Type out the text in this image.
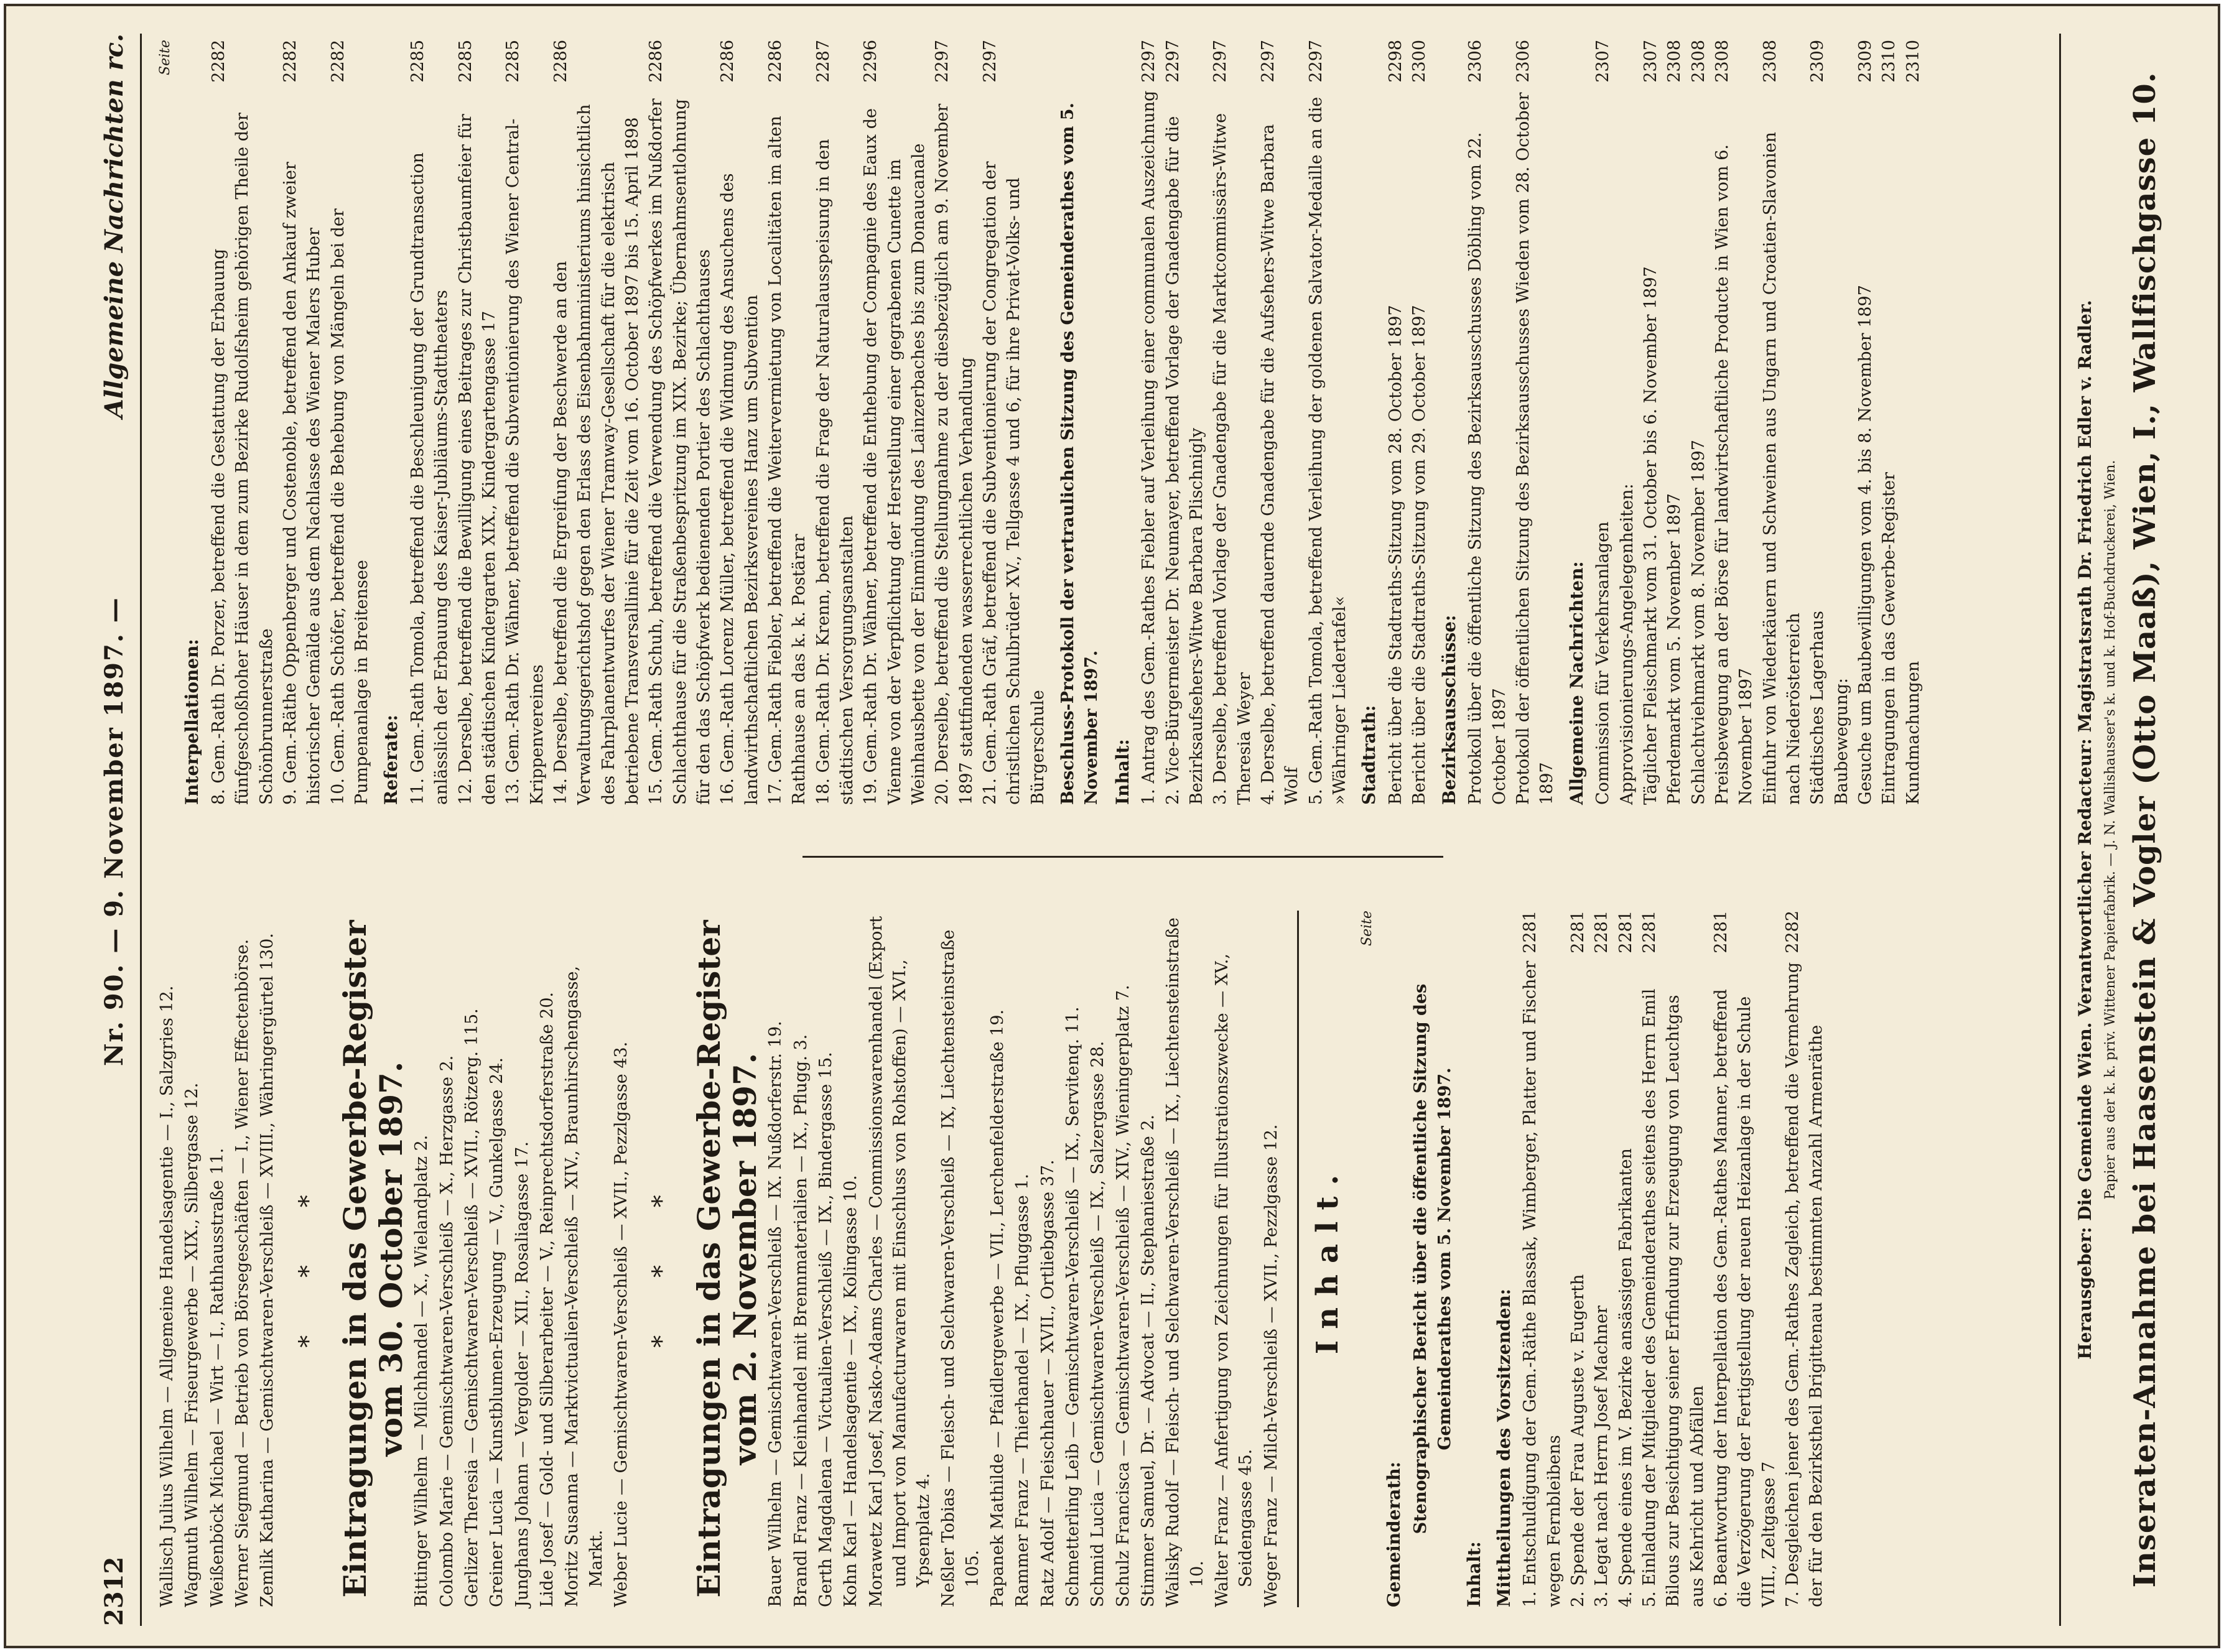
2312
Nr. 90. — 9. November 1897. —
Allgemeine Nachrichten rc.

Wallisch Julius Wilhelm — Allgemeine Handelsagentie — I., Salzgries 12. Wagmuth Wilhelm — Friseurgewerbe — XIX., Silbergasse 12. Weißenböck Michael — Wirt — I., Rathhausstraße 11. Werner Siegmund — Betrieb von Börsegeschäften — I., Wiener Effectenbörse. Zemlik Katharina — Gemischtwaren-Verschleiß — XVIII., Währingergürtel 130. * * * Eintragungen in das Gewerbe-Register vom 30. October 1897. Bittinger Wilhelm — Milchhandel — X., Wielandplatz 2. Colombo Marie — Gemischtwaren-Verschleiß — X., Herzgasse 2. Gerlizer Theresia — Gemischtwaren-Verschleiß — XVII., Rötzerg. 115. Greiner Lucia — Kunstblumen-Erzeugung — V., Gunkelgasse 24. Junghans Johann — Vergolder — XII., Rosaliagasse 17. Lide Josef — Gold- und Silberarbeiter — V., Reinprechtsdorferstraße 20. Moritz Susanna — Marktvictualien-Verschleiß — XIV., Braunhirschengasse, Markt. Weber Lucie — Gemischtwaren-Verschleiß — XVII., Pezzlgasse 43. * * * Eintragungen in das Gewerbe-Register vom 2. November 1897. Bauer Wilhelm — Gemischtwaren-Verschleiß — IX. Nußdorferstr. 19. Brandl Franz — Kleinhandel mit Brennmaterialien — IX., Pflugg. 3. Gerth Magdalena — Victualien-Verschleiß — IX., Bindergasse 15. Kohn Karl — Handelsagentie — IX., Kolingasse 10. Morawetz Karl Josef, Nasko-Adams Charles — Commissionswarenhandel (Export und Import von Manufacturwaren mit Einschluss von Rohstoffen) — XVI., Ypsenplatz 4. Neßler Tobias — Fleisch- und Selchwaren-Verschleiß — IX, Liechtensteinstraße 105. Papanek Mathilde — Pfaidlergewerbe — VII., Lerchenfelderstraße 19. Rammer Franz — Thierhandel — IX., Pfluggasse 1. Ratz Adolf — Fleischhauer — XVII., Ortliebgasse 37. Schmetterling Leib — Gemischtwaren-Verschleiß — IX., Servitenq. 11. Schmid Lucia — Gemischtwaren-Verschleiß — IX., Salzergasse 28. Schulz Francisca — Gemischtwaren-Verschleiß — XIV., Wieningerplatz 7. Stimmer Samuel, Dr. — Advocat — II., Stephaniestraße 2. Walisky Rudolf — Fleisch- und Selchwaren-Verschleiß — IX., Liechtensteinstraße 10. Walter Franz — Anfertigung von Zeichnungen für Illustrationszwecke — XV., Seidengasse 45. Weger Franz — Milch-Verschleiß — XVII., Pezzlgasse 12. Inhalt.
Seite
Gemeinderath:

Stenographischer Bericht über die öffentliche Sitzung des Gemeinderathes vom 5. November 1897.

Inhalt: Mittheilungen des Vorsitzenden: 1. Entschuldigung der Gem.-Räthe Blassak, Wimberger, Platter und Fischer wegen Fernbleibens
2281
2. Spende der Frau Auguste v. Eugerth
2281
3. Legat nach Herrn Josef Machner
2281
4. Spende eines im V. Bezirke ansässigen Fabrikanten
2281
5. Einladung der Mitglieder des Gemeinderathes seitens des Herrn Emil Bilous zur Besichtigung seiner Erfindung zur Erzeugung von Leuchtgas aus Kehricht und Abfällen
2281
6. Beantwortung der Interpellation des Gem.-Rathes Manner, betreffend die Verzögerung der Fertigstellung der neuen Heizanlage in der Schule VIII., Zeltgasse 7
2281
7. Desgleichen jener des Gem.-Rathes Zagleich, betreffend die Vermehrung der für den Bezirkstheil Brigittenau bestimmten Anzahl Armenräthe
2282
Seite
Interpellationen: 8. Gem.-Rath Dr. Porzer, betreffend die Gestattung der Erbauung fünfgeschoßhoher Häuser in dem zum Bezirke Rudolfsheim gehörigen Theile der Schönbrunnerstraße
2282
9. Gem.-Räthe Oppenberger und Costenoble, betreffend den Ankauf zweier historischer Gemälde aus dem Nachlasse des Wiener Malers Huber
2282
10. Gem.-Rath Schöfer, betreffend die Behebung von Mängeln bei der Pumpenanlage in Breitensee
2282
Referate: 11. Gem.-Rath Tomola, betreffend die Beschleunigung der Grundtransaction anlässlich der Erbauung des Kaiser-Jubiläums-Stadttheaters
2285
12. Derselbe, betreffend die Bewilligung eines Beitrages zur Christbaumfeier für den städtischen Kindergarten XIX., Kindergartengasse 17
2285
13. Gem.-Rath Dr. Wähner, betreffend die Subventionierung des Wiener Central-Krippenvereines
2285
14. Derselbe, betreffend die Ergreifung der Beschwerde an den Verwaltungsgerichtshof gegen den Erlass des Eisenbahnministeriums hinsichtlich des Fahrplanentwurfes der Wiener Tramway-Gesellschaft für die elektrisch betriebene Transversallinie für die Zeit vom 16. October 1897 bis 15. April 1898
2286
15. Gem.-Rath Schuh, betreffend die Verwendung des Schöpfwerkes im Nußdorfer Schlachthause für die Straßenbespritzung im XIX. Bezirke; Übernahmsentlohnung für den das Schöpfwerk bedienenden Portier des Schlachthauses
2286
16. Gem.-Rath Lorenz Müller, betreffend die Widmung des Ansuchens des landwirthschaftlichen Bezirksvereines Hanz um Subvention
2286
17. Gem.-Rath Fiebler, betreffend die Weitervermietung von Localitäten im alten Rathhause an das k. k. Postärar
2286
18. Gem.-Rath Dr. Krenn, betreffend die Frage der Naturalausspeisung in den städtischen Versorgungsanstalten
2287
19. Gem.-Rath Dr. Wähner, betreffend die Enthebung der Compagnie des Eaux de Vienne von der Verpflichtung der Herstellung einer gegrabenen Cunette im Weinhausbette von der Einmündung des Lainzerbaches bis zum Donaucanale
2296
20. Derselbe, betreffend die Stellungnahme zu der diesbezüglich am 9. November 1897 stattfindenden wasserrechtlichen Verhandlung
2297
21. Gem.-Rath Gräf, betreffend die Subventionierung der Congregation der christlichen Schulbrüder XV., Tellgasse 4 und 6, für ihre Privat-Volks- und Bürgerschule
2297

Beschluss-Protokoll der vertraulichen Sitzung des Gemeinderathes vom 5. November 1897. Inhalt: 1. Antrag des Gem.-Rathes Fiebler auf Verleihung einer communalen Auszeichnung
2297
2. Vice-Bürgermeister Dr. Neumayer, betreffend Vorlage der Gnadengabe für die Bezirksaufsehers-Witwe Barbara Plischnigly
2297
3. Derselbe, betreffend Vorlage der Gnadengabe für die Marktcommissärs-Witwe Theresia Weyer
2297
4. Derselbe, betreffend dauernde Gnadengabe für die Aufsehers-Witwe Barbara Wolf
2297
5. Gem.-Rath Tomola, betreffend Verleihung der goldenen Salvator-Medaille an die »Währinger Liedertafel«
2297
Stadtrath: Bericht über die Stadtraths-Sitzung vom 28. October 1897
2298
Bericht über die Stadtraths-Sitzung vom 29. October 1897
2300
Bezirksausschüsse: Protokoll über die öffentliche Sitzung des Bezirksausschusses Döbling vom 22. October 1897
2306
Protokoll der öffentlichen Sitzung des Bezirksausschusses Wieden vom 28. October 1897
2306
Allgemeine Nachrichten: Commission für Verkehrsanlagen
2307
Approvisionierungs-Angelegenheiten: Täglicher Fleischmarkt vom 31. October bis 6. November 1897
2307
Pferdemarkt vom 5. November 1897
2308
Schlachtviehmarkt vom 8. November 1897
2308
Preisbewegung an der Börse für landwirtschaftliche Producte in Wien vom 6. November 1897
2308
Einfuhr von Wiederkäuern und Schweinen aus Ungarn und Croatien-Slavonien nach Niederösterreich
2308
Städtisches Lagerhaus
2309
Baubewegung: Gesuche um Baubewilligungen vom 4. bis 8. November 1897
2309
Eintragungen in das Gewerbe-Register
2310
Kundmachungen
2310
Herausgeber: Die Gemeinde Wien. Verantwortlicher Redacteur: Magistratsrath Dr. Friedrich Edler v. Radler. Papier aus der k. k. priv. Wittener Papierfabrik. — J. N. Wallishausser's k. und k. Hof-Buchdruckerei, Wien. Inseraten-Annahme bei Haasenstein & Vogler (Otto Maaß), Wien, I., Wallfischgasse 10.
